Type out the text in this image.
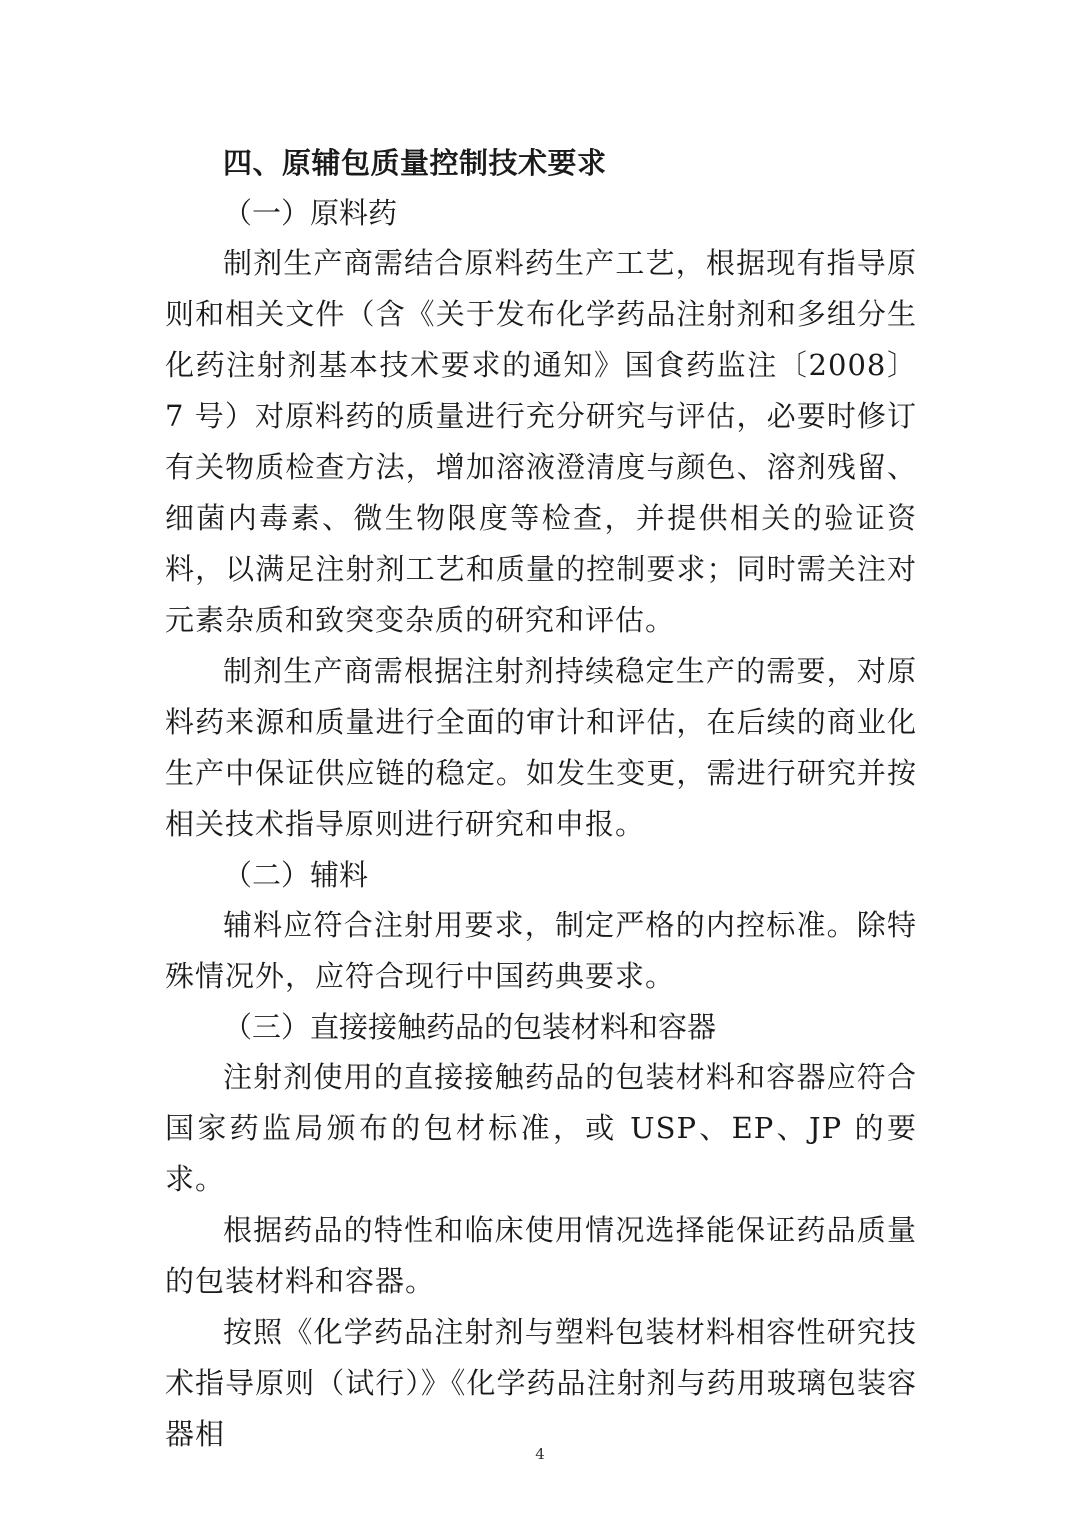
四、原辅包质量控制技术要求
（一）原料药

制剂生产商需结合原料药生产工艺，根据现有指导原则和相关文件（含《关于发布化学药品注射剂和多组分生化药注射剂基本技术要求的通知》国食药监注〔2008〕7 号）对原料药的质量进行充分研究与评估，必要时修订有关物质检查方法，增加溶液澄清度与颜色、溶剂残留、细菌内毒素、微生物限度等检查，并提供相关的验证资料，以满足注射剂工艺和质量的控制要求；同时需关注对元素杂质和致突变杂质的研究和评估。

制剂生产商需根据注射剂持续稳定生产的需要，对原料药来源和质量进行全面的审计和评估，在后续的商业化生产中保证供应链的稳定。如发生变更，需进行研究并按相关技术指导原则进行研究和申报。

（二）辅料

辅料应符合注射用要求，制定严格的内控标准。除特殊情况外，应符合现行中国药典要求。

（三）直接接触药品的包装材料和容器

注射剂使用的直接接触药品的包装材料和容器应符合国家药监局颁布的包材标准，或 USP、EP、JP 的要求。

根据药品的特性和临床使用情况选择能保证药品质量的包装材料和容器。

按照《化学药品注射剂与塑料包装材料相容性研究技术指导原则（试行）》《化学药品注射剂与药用玻璃包装容器相

4
